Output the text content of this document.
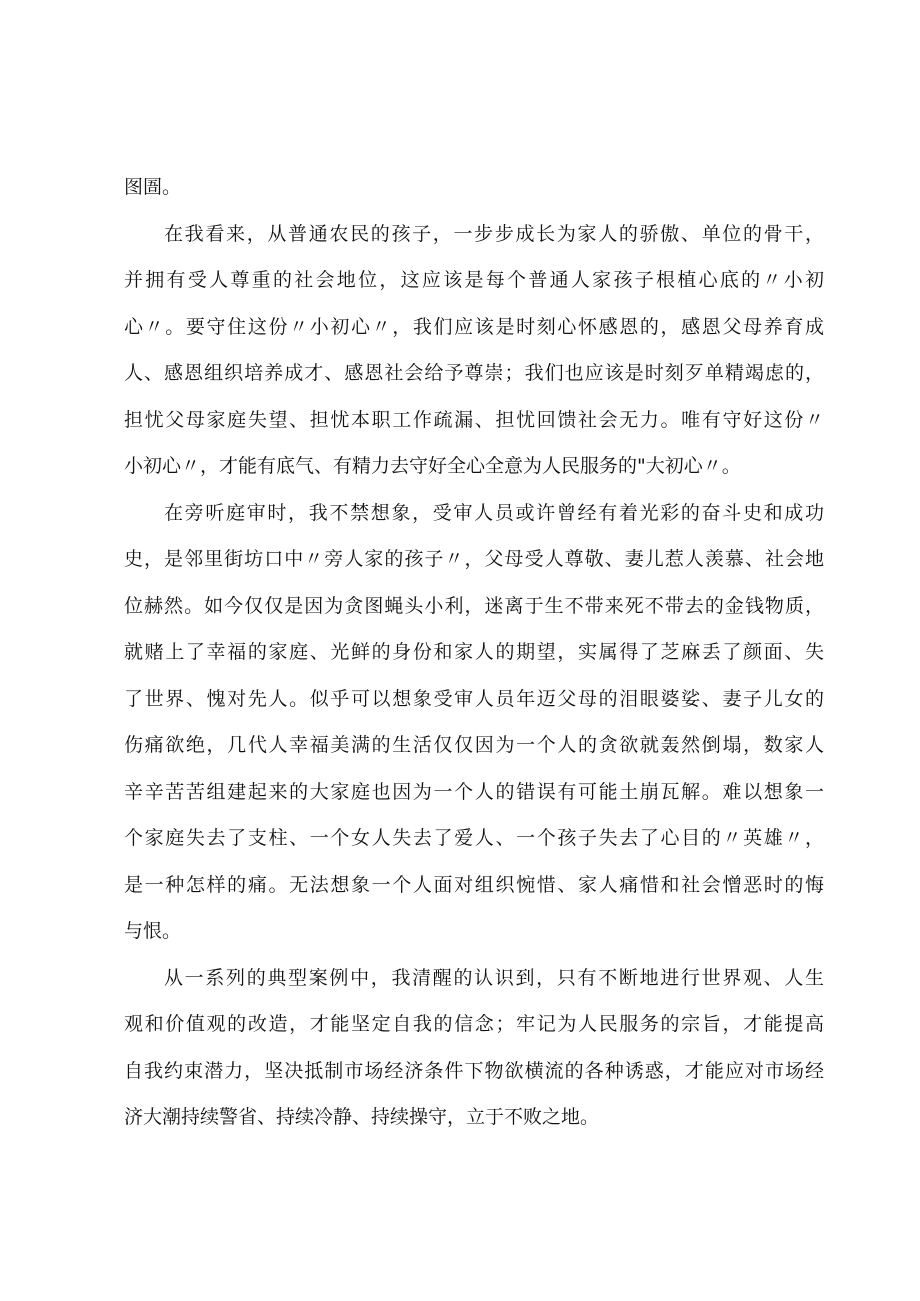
图圄。
在我看来，从普通农民的孩子，一步步成长为家人的骄傲、单位的骨干，
并拥有受人尊重的社会地位，这应该是每个普通人家孩子根植心底的〃小初
心〃。要守住这份〃小初心〃，我们应该是时刻心怀感恩的，感恩父母养育成
人、感恩组织培养成才、感恩社会给予尊崇；我们也应该是时刻歹单精竭虑的，
担忧父母家庭失望、担忧本职工作疏漏、担忧回馈社会无力。唯有守好这份〃
小初心〃，才能有底气、有精力去守好全心全意为人民服务的"大初心〃。
在旁听庭审时，我不禁想象，受审人员或许曾经有着光彩的奋斗史和成功
史，是邻里街坊口中〃旁人家的孩子〃，父母受人尊敬、妻儿惹人羡慕、社会地
位赫然。如今仅仅是因为贪图蝇头小利，迷离于生不带来死不带去的金钱物质，
就赌上了幸福的家庭、光鲜的身份和家人的期望，实属得了芝麻丢了颜面、失
了世界、愧对先人。似乎可以想象受审人员年迈父母的泪眼婆娑、妻子儿女的
伤痛欲绝，几代人幸福美满的生活仅仅因为一个人的贪欲就轰然倒塌，数家人
辛辛苦苦组建起来的大家庭也因为一个人的错误有可能土崩瓦解。难以想象一
个家庭失去了支柱、一个女人失去了爱人、一个孩子失去了心目的〃英雄〃，
是一种怎样的痛。无法想象一个人面对组织惋惜、家人痛惜和社会憎恶时的悔
与恨。
从一系列的典型案例中，我清醒的认识到，只有不断地进行世界观、人生
观和价值观的改造，才能坚定自我的信念；牢记为人民服务的宗旨，才能提高
自我约束潜力，坚决抵制市场经济条件下物欲横流的各种诱惑，才能应对市场经
济大潮持续警省、持续冷静、持续操守，立于不败之地。
